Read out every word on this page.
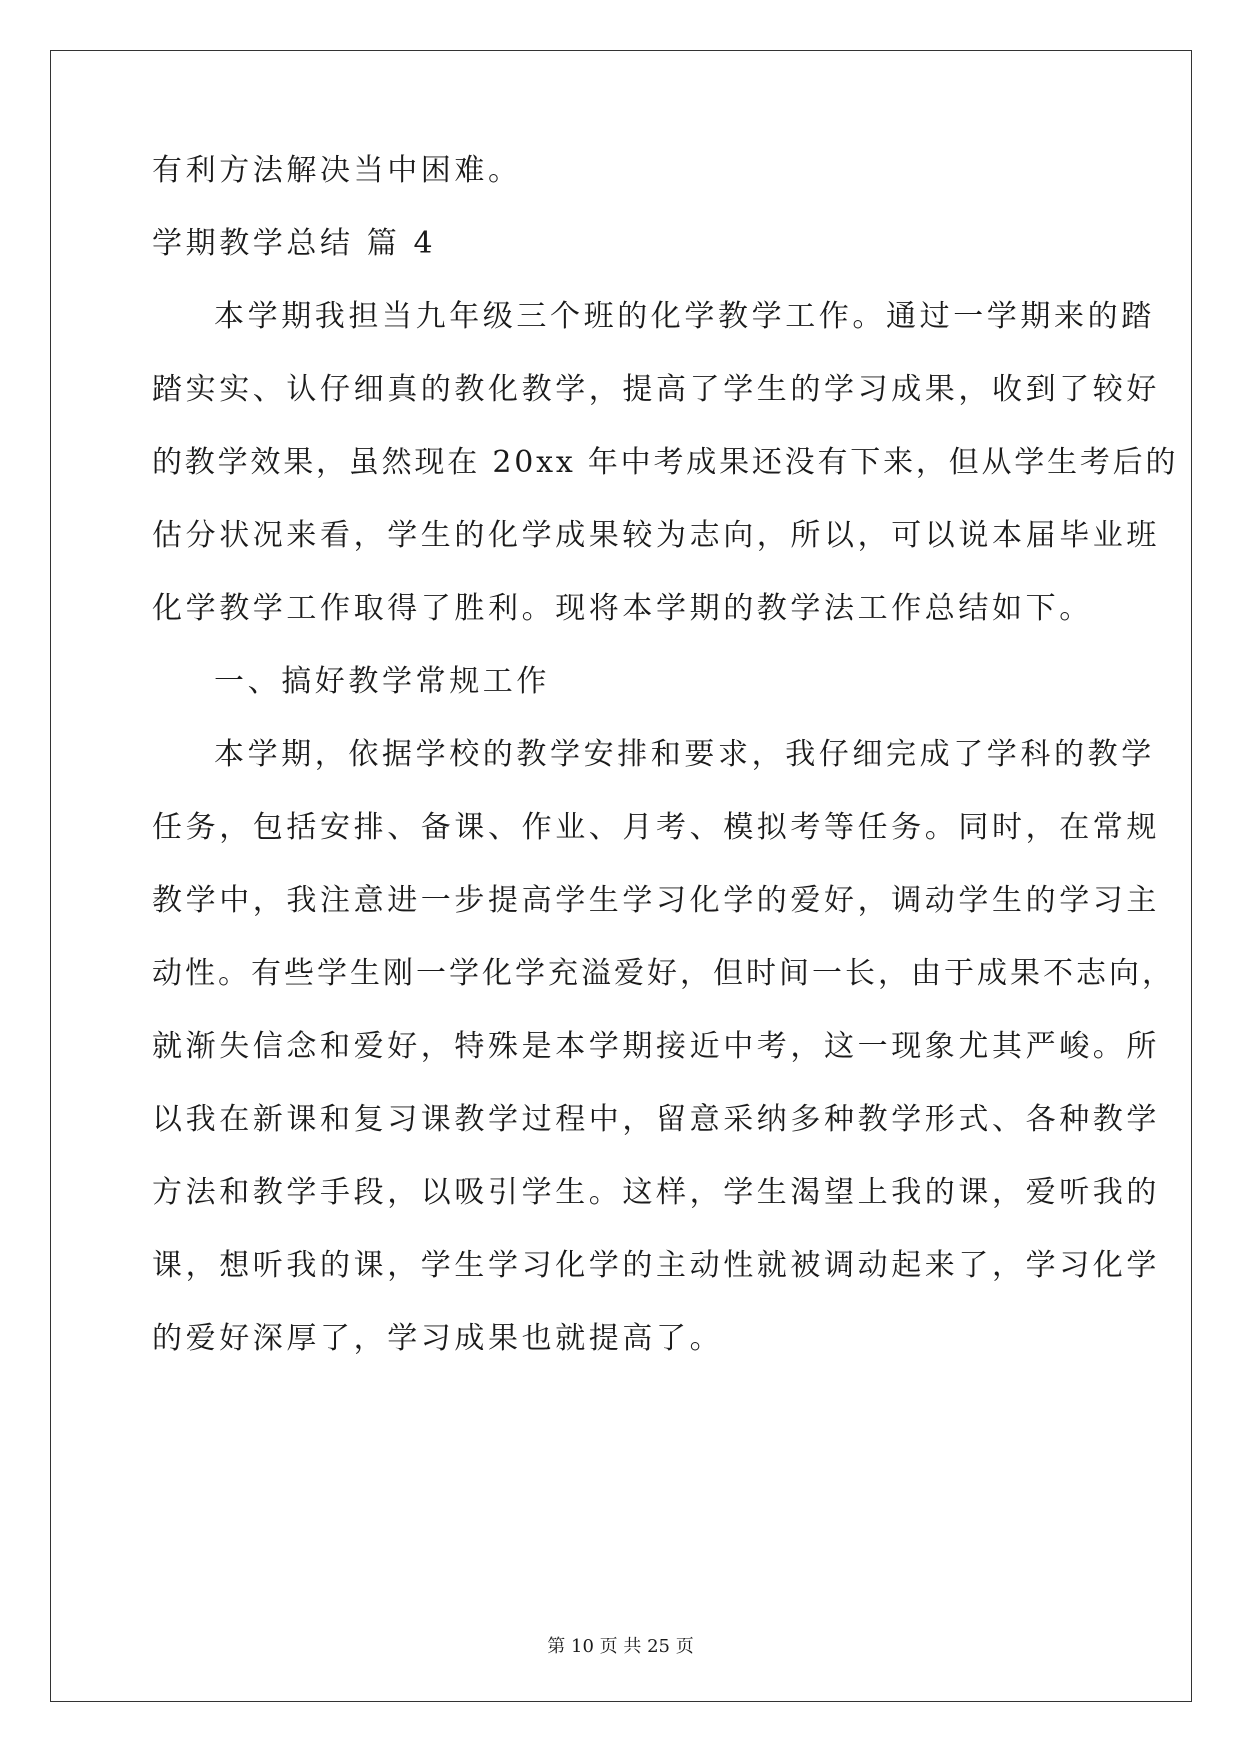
有利方法解决当中困难。
学期教学总结 篇 4
本学期我担当九年级三个班的化学教学工作。通过一学期来的踏
踏实实、认仔细真的教化教学，提高了学生的学习成果，收到了较好
的教学效果，虽然现在 20xx 年中考成果还没有下来，但从学生考后的
估分状况来看，学生的化学成果较为志向，所以，可以说本届毕业班
化学教学工作取得了胜利。现将本学期的教学法工作总结如下。
一、搞好教学常规工作
本学期，依据学校的教学安排和要求，我仔细完成了学科的教学
任务，包括安排、备课、作业、月考、模拟考等任务。同时，在常规
教学中，我注意进一步提高学生学习化学的爱好，调动学生的学习主
动性。有些学生刚一学化学充溢爱好，但时间一长，由于成果不志向，
就渐失信念和爱好，特殊是本学期接近中考，这一现象尤其严峻。所
以我在新课和复习课教学过程中，留意采纳多种教学形式、各种教学
方法和教学手段，以吸引学生。这样，学生渴望上我的课，爱听我的
课，想听我的课，学生学习化学的主动性就被调动起来了，学习化学
的爱好深厚了，学习成果也就提高了。
第 10 页 共 25 页
